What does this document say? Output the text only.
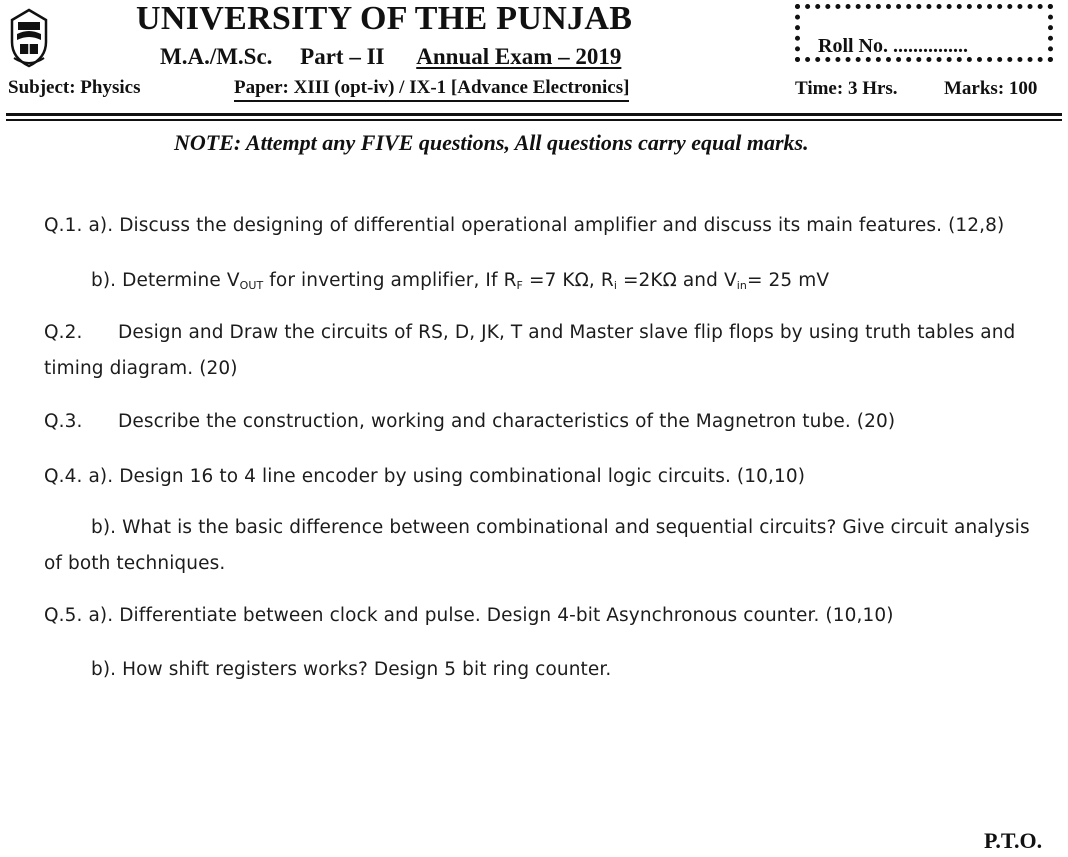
UNIVERSITY OF THE PUNJAB
M.A./M.Sc. Part – II Annual Exam – 2019
Subject: Physics	Paper: XIII (opt-iv) / IX-1 [Advance Electronics]
Roll No. ...............
Time: 3 Hrs. Marks: 100
NOTE: Attempt any FIVE questions, All questions carry equal marks.
Q.1. a). Discuss the designing of differential operational amplifier and discuss its main features. (12,8)
b). Determine $V_{OUT}$ for inverting amplifier, If $R_F =7$ KΩ, $R_i =2K\Omega$ and $V_{in}= 25$ mV
Q.2. Design and Draw the circuits of RS, D, JK, T and Master slave flip flops by using truth tables and
timing diagram. (20)
Q.3. Describe the construction, working and characteristics of the Magnetron tube. (20)
Q.4. a). Design 16 to 4 line encoder by using combinational logic circuits. (10,10)
b). What is the basic difference between combinational and sequential circuits? Give circuit analysis
of both techniques.
Q.5. a). Differentiate between clock and pulse. Design 4-bit Asynchronous counter. (10,10)
b). How shift registers works? Design 5 bit ring counter.
P.T.O.
